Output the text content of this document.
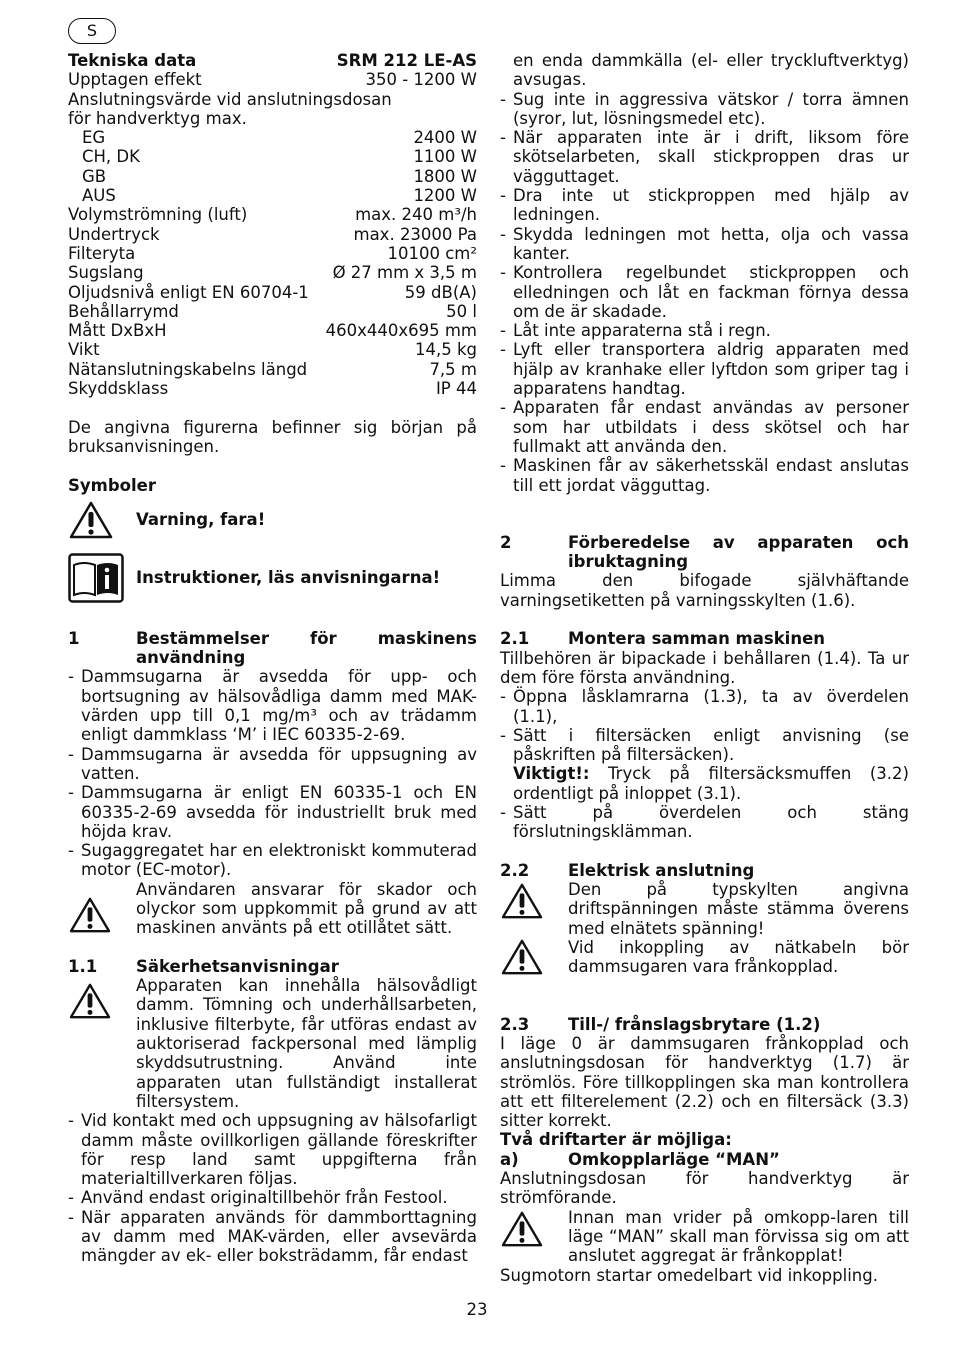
S
Tekniska data	SRM 212 LE-AS
Upptagen effekt	350 - 1200 W
Anslutningsvärde vid anslutningsdosan
för handverktyg max.
EG	2400 W
CH, DK	1100 W
GB	1800 W
AUS	1200 W
Volymströmning (luft)	max. 240 m³/h
Undertryck	max. 23000 Pa
Filteryta	10100 cm²
Sugslang	Ø 27 mm x 3,5 m
Oljudsnivå enligt EN 60704-1	59 dB(A)
Behållarrymd	50 l
Mått DxBxH	460x440x695 mm
Vikt	14,5 kg
Nätanslutningskabelns längd	7,5 m
Skyddsklass	IP 44
De angivna figurerna befinner sig början på bruksanvisningen.
Symboler
Varning, fara!
Instruktioner, läs anvisningarna!
1	Bestämmelser för maskinens användning
- Dammsugarna är avsedda för upp- och bortsugning av hälsovådliga damm med MAK-värden upp till 0,1 mg/m³ och av trädamm enligt dammklass ‘M’ i IEC 60335-2-69.
- Dammsugarna är avsedda för uppsugning av vatten.
- Dammsugarna är enligt EN 60335-1 och EN 60335-2-69 avsedda för industriellt bruk med höjda krav.
- Sugaggregatet har en elektroniskt kommuterad motor (EC-motor).
Användaren ansvarar för skador och olyckor som uppkommit på grund av att maskinen använts på ett otillåtet sätt.
1.1	Säkerhetsanvisningar
Apparaten kan innehålla hälsovådligt damm. Tömning och underhållsarbeten, inklusive filterbyte, får utföras endast av auktoriserad fackpersonal med lämplig skyddsutrustning. Använd inte apparaten utan fullständigt installerat filtersystem.
- Vid kontakt med och uppsugning av hälsofarligt damm måste ovillkorligen gällande föreskrifter för resp land samt uppgifterna från materialtillverkaren följas.
- Använd endast originaltillbehör från Festool.
- När apparaten används för dammborttagning av damm med MAK-värden, eller avsevärda mängder av ek- eller boksträdamm, får endast
en enda dammkälla (el- eller tryckluftverktyg) avsugas.
- Sug inte in aggressiva vätskor / torra ämnen (syror, lut, lösningsmedel etc).
- När apparaten inte är i drift, liksom före skötselarbeten, skall stickproppen dras ur vägguttaget.
- Dra inte ut stickproppen med hjälp av ledningen.
- Skydda ledningen mot hetta, olja och vassa kanter.
- Kontrollera regelbundet stickproppen och elledningen och låt en fackman förnya dessa om de är skadade.
- Låt inte apparaterna stå i regn.
- Lyft eller transportera aldrig apparaten med hjälp av kranhake eller lyftdon som griper tag i apparatens handtag.
- Apparaten får endast användas av personer som har utbildats i dess skötsel och har fullmakt att använda den.
- Maskinen får av säkerhetsskäl endast anslutas till ett jordat vägguttag.
2	Förberedelse av apparaten och ibruktagning
Limma den bifogade självhäftande varningsetiketten på varningsskylten (1.6).
2.1	Montera samman maskinen
Tillbehören är bipackade i behållaren (1.4). Ta ur dem före första användning.
- Öppna låsklamrarna (1.3), ta av överdelen (1.1),
- Sätt i filtersäcken enligt anvisning (se påskriften på filtersäcken).
Viktigt!: Tryck på filtersäcksmuffen (3.2) ordentligt på inloppet (3.1).
- Sätt på överdelen och stäng förslutningsklämman.
2.2	Elektrisk anslutning
Den på typskylten angivna driftspänningen måste stämma överens med elnätets spänning!
Vid inkoppling av nätkabeln bör dammsugaren vara frånkopplad.
2.3	Till-/ frånslagsbrytare (1.2)
I läge 0 är dammsugaren frånkopplad och anslutningsdosan för handverktyg (1.7) är strömlös. Före tillkopplingen ska man kontrollera att ett filterelement (2.2) och en filtersäck (3.3) sitter korrekt.
Två driftarter är möjliga:
a)	Omkopplarläge “MAN”
Anslutningsdosan för handverktyg är strömförande.
Innan man vrider på omkopp-laren till läge “MAN” skall man förvissa sig om att anslutet aggregat är frånkopplat!
Sugmotorn startar omedelbart vid inkoppling.
23
